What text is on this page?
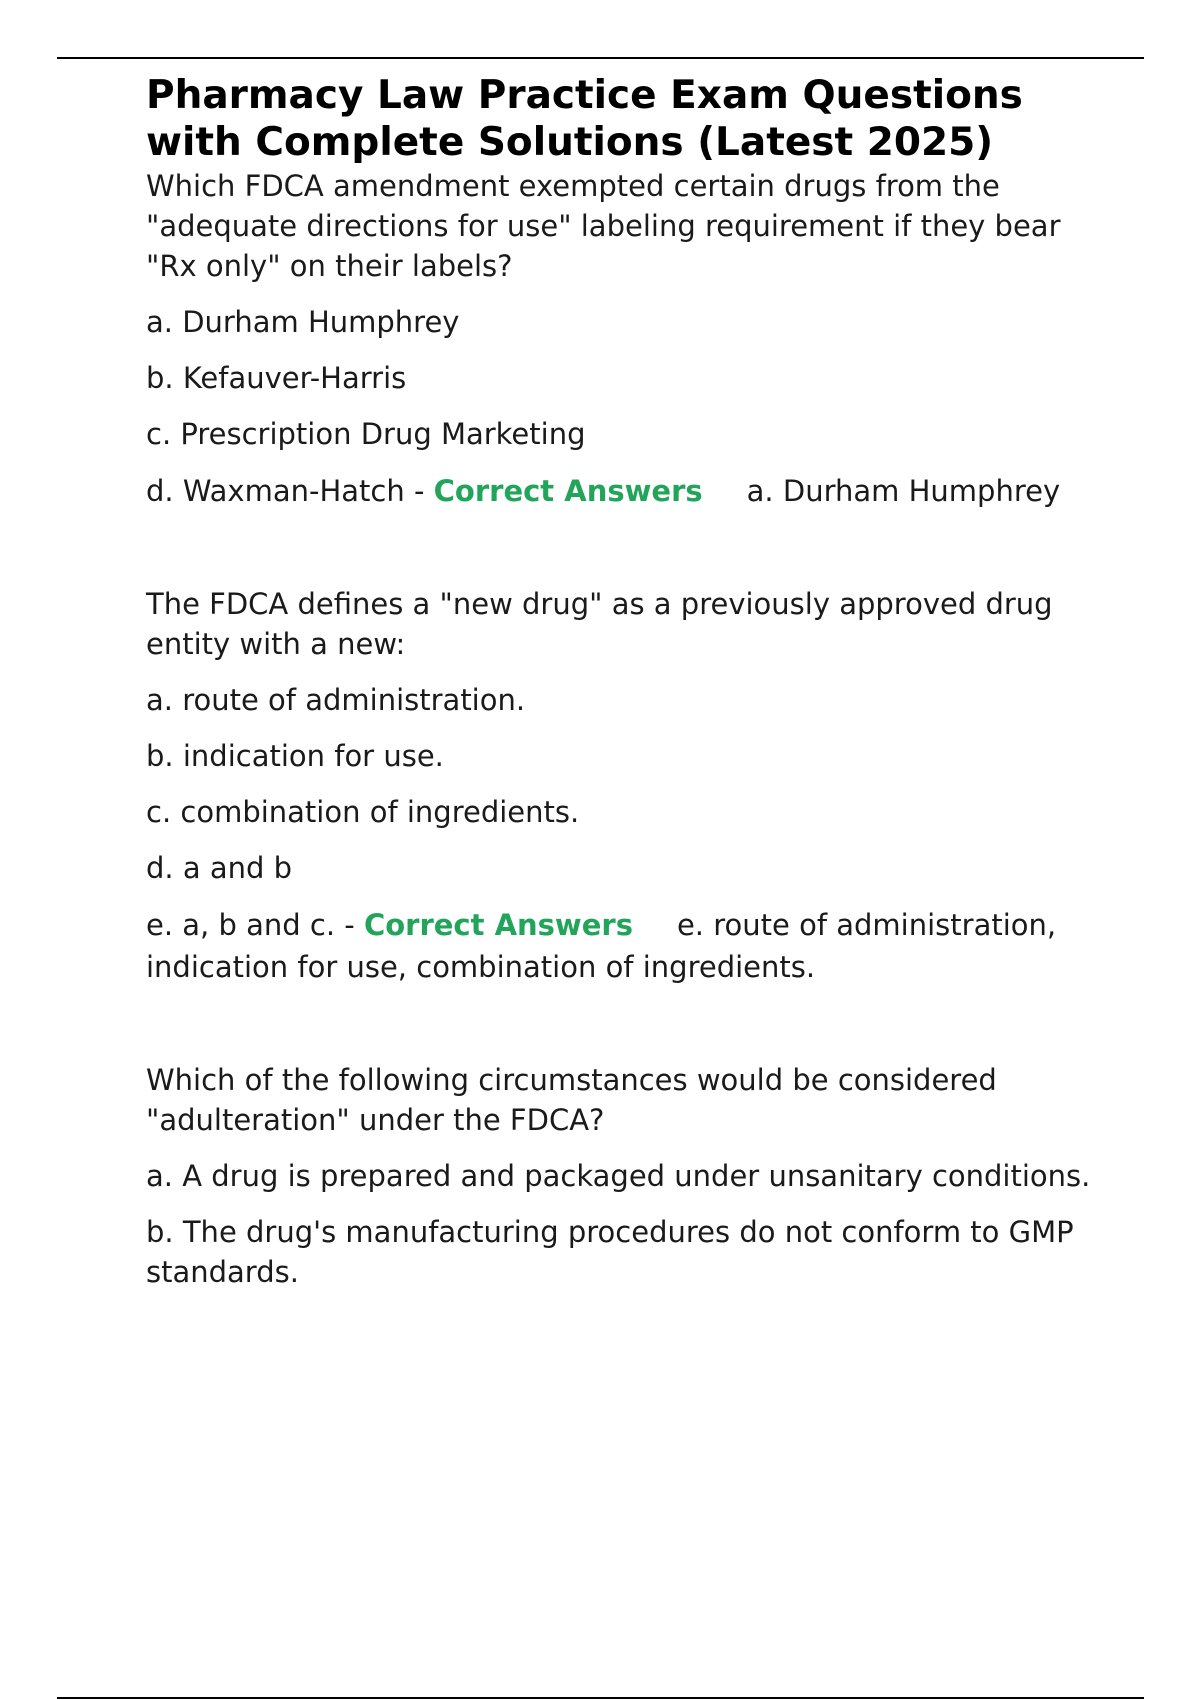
Pharmacy Law Practice Exam Questions with Complete Solutions (Latest 2025)

Which FDCA amendment exempted certain drugs from the "adequate directions for use" labeling requirement if they bear "Rx only" on their labels?

a. Durham Humphrey

b. Kefauver-Harris

c. Prescription Drug Marketing

d. Waxman-Hatch - Correct Answers a. Durham Humphrey

The FDCA defines a "new drug" as a previously approved drug entity with a new:

a. route of administration.

b. indication for use.

c. combination of ingredients.

d. a and b

e. a, b and c. - Correct Answers e. route of administration, indication for use, combination of ingredients.

Which of the following circumstances would be considered "adulteration" under the FDCA?

a. A drug is prepared and packaged under unsanitary conditions.

b. The drug's manufacturing procedures do not conform to GMP standards.
